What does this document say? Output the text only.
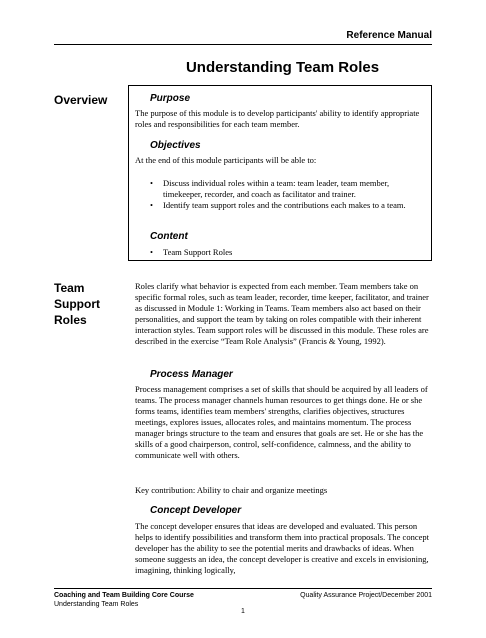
Reference Manual
Understanding Team Roles
Overview	Purpose

The purpose of this module is to develop participants' ability to identify appropriate roles and responsibilities for each team member.

Objectives

At the end of this module participants will be able to:

• Discuss individual roles within a team: team leader, team member, timekeeper, recorder, and coach as facilitator and trainer.
• Identify team support roles and the contributions each makes to a team.
Content
• Team Support Roles
Team
Support
Roles

Roles clarify what behavior is expected from each member. Team members take on specific formal roles, such as team leader, recorder, time keeper, facilitator, and trainer as discussed in Module 1: Working in Teams. Team members also act based on their personalities, and support the team by taking on roles compatible with their inherent interaction styles. Team support roles will be discussed in this module. These roles are described in the exercise “Team Role Analysis” (Francis & Young, 1992).

Process Manager

Process management comprises a set of skills that should be acquired by all leaders of teams. The process manager channels human resources to get things done. He or she forms teams, identifies team members' strengths, clarifies objectives, structures meetings, explores issues, allocates roles, and maintains momentum. The process manager brings structure to the team and ensures that goals are set. He or she has the skills of a good chairperson, control, self-confidence, calmness, and the ability to communicate well with others.

Key contribution: Ability to chair and organize meetings

Concept Developer

The concept developer ensures that ideas are developed and evaluated. This person helps to identify possibilities and transform them into practical proposals. The concept developer has the ability to see the potential merits and drawbacks of ideas. When someone suggests an idea, the concept developer is creative and excels in envisioning, imagining, thinking logically,

Coaching and Team Building Core Course
Understanding Team Roles
Quality Assurance Project/December 2001
1
